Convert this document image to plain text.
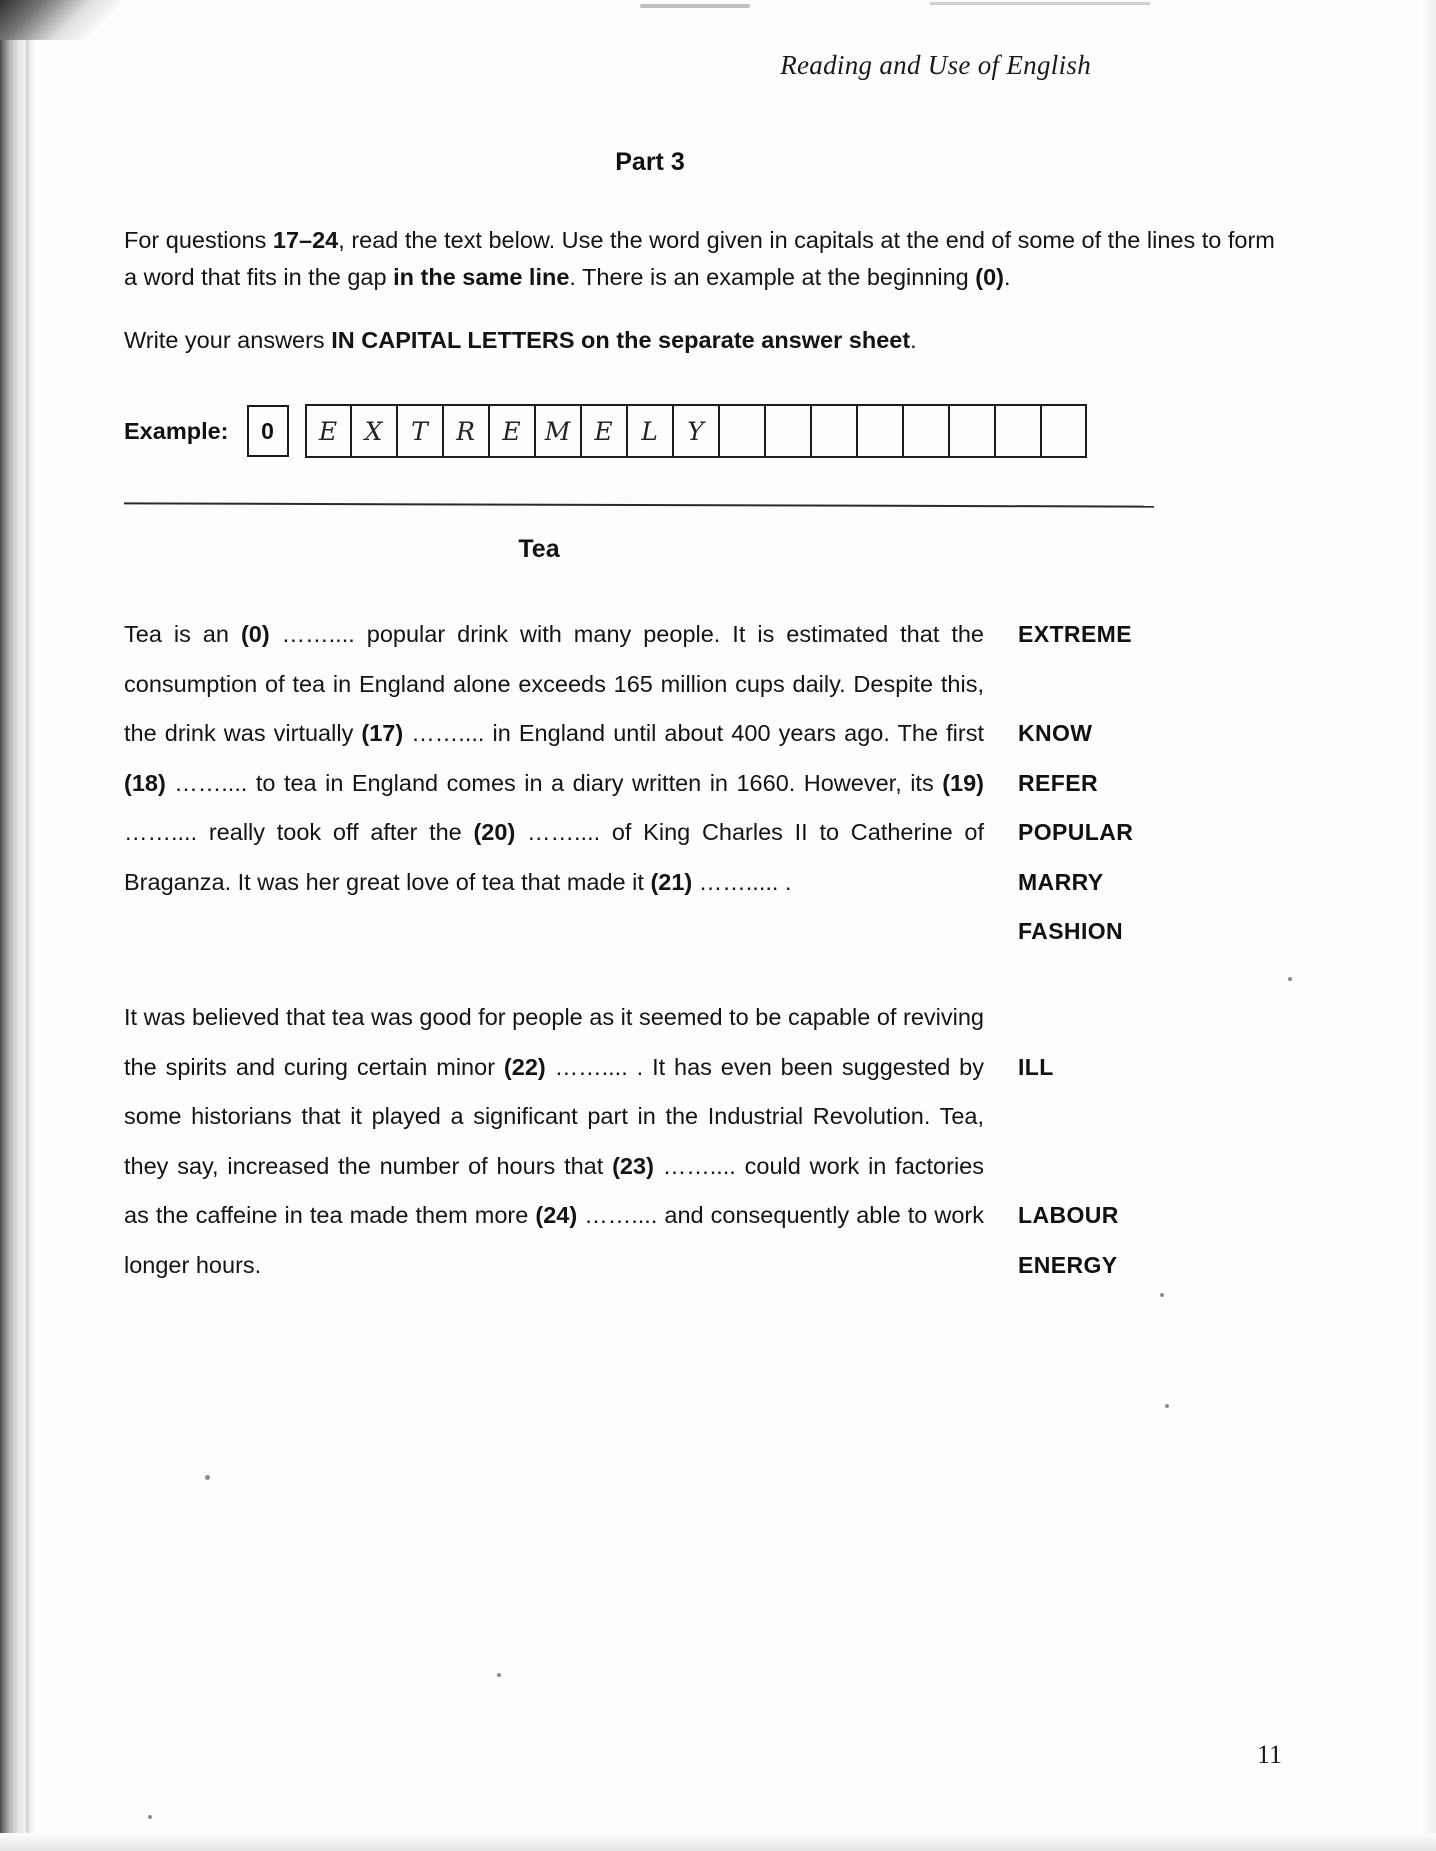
Reading and Use of English
Part 3
For questions 17–24, read the text below. Use the word given in capitals at the end of some of the lines to form a word that fits in the gap in the same line. There is an example at the beginning (0).
Write your answers IN CAPITAL LETTERS on the separate answer sheet.
Example:	0	E	X	T	R	E M E	L	Y
Tea

Tea is an (0) …….... popular drink with many people. It is estimated that the consumption of tea in England alone exceeds 165 million cups daily. Despite this, the drink was virtually (17) …….... in England until about 400 years ago. The first (18) …….... to tea in England comes in a diary written in 1660. However, its (19) …….... really took off after the (20) …….... of King Charles II to Catherine of Braganza. It was her great love of tea that made it (21) ……..... .

It was believed that tea was good for people as it seemed to be capable of reviving the spirits and curing certain minor (22) …….... . It has even been suggested by some historians that it played a significant part in the Industrial Revolution. Tea, they say, increased the number of hours that (23) …….... could work in factories as the caffeine in tea made them more (24) …….... and consequently able to work longer hours.

EXTREME
KNOW
REFER
POPULAR
MARRY
FASHION
ILL
LABOUR
ENERGY
11
